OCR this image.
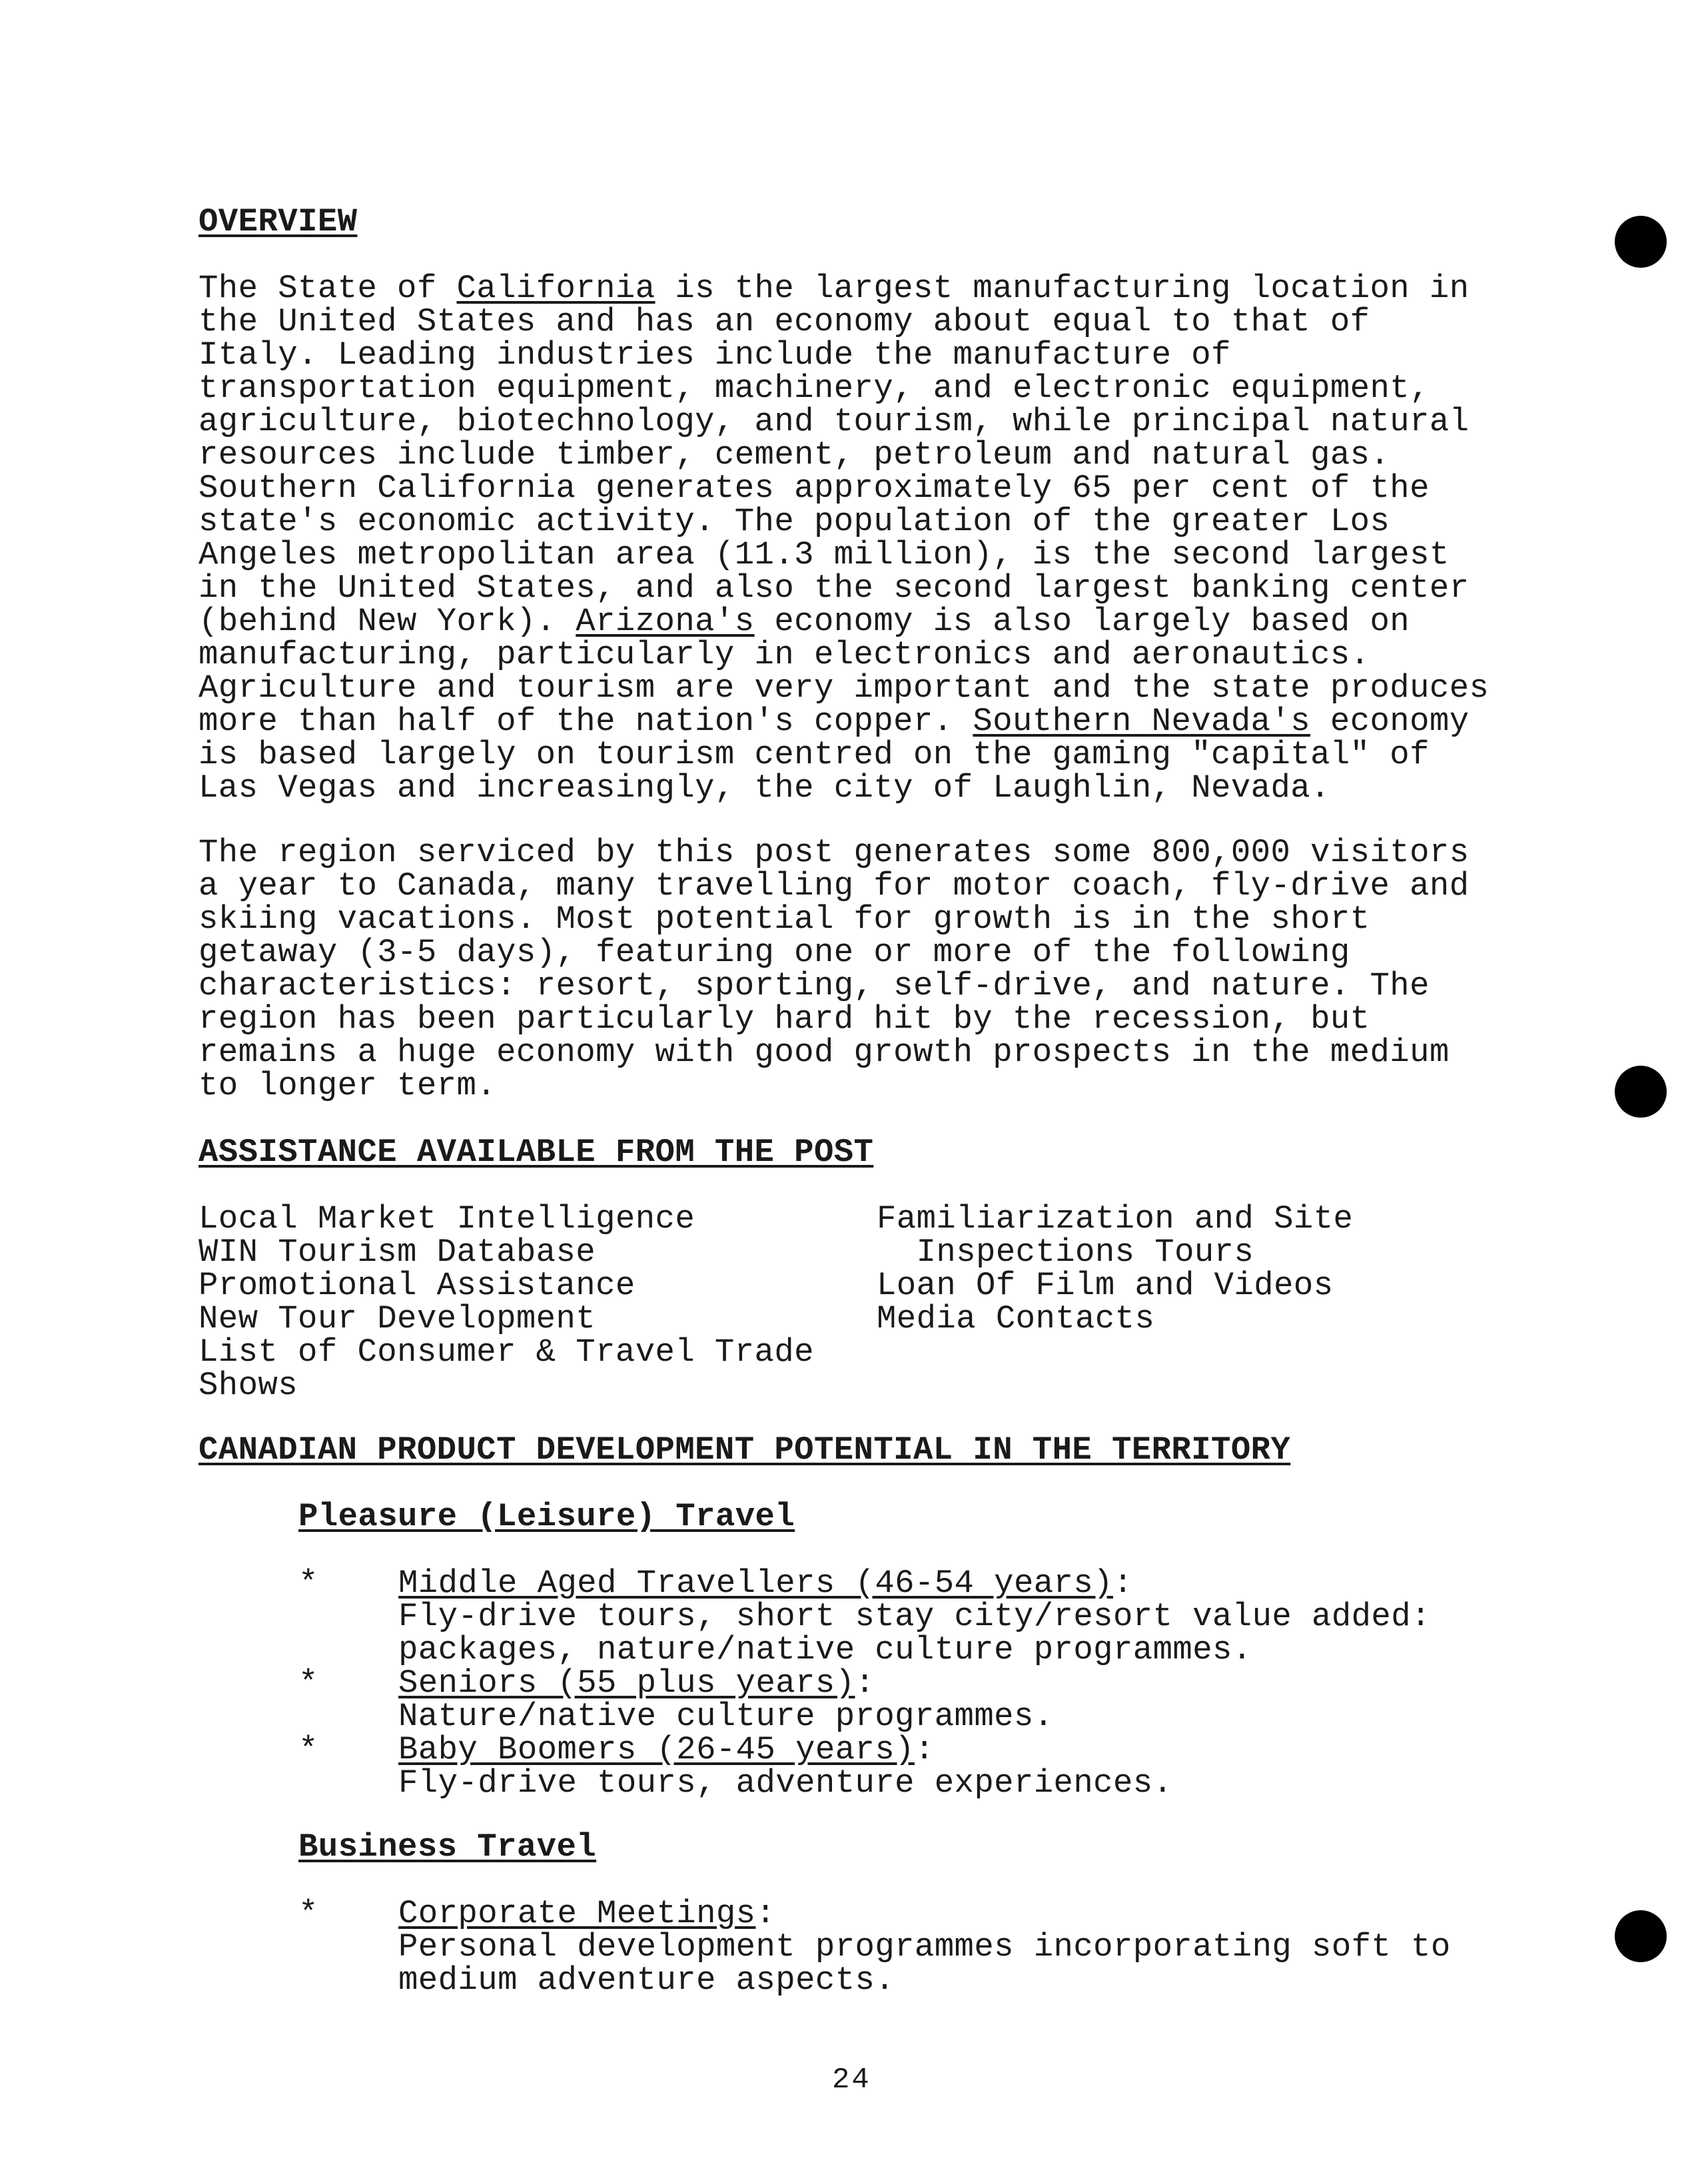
OVERVIEW
The State of California is the largest manufacturing location in
the United States and has an economy about equal to that of
Italy. Leading industries include the manufacture of
transportation equipment, machinery, and electronic equipment,
agriculture, biotechnology, and tourism, while principal natural
resources include timber, cement, petroleum and natural gas.
Southern California generates approximately 65 per cent of the
state's economic activity. The population of the greater Los
Angeles metropolitan area (11.3 million), is the second largest
in the United States, and also the second largest banking center
(behind New York). Arizona's economy is also largely based on
manufacturing, particularly in electronics and aeronautics.
Agriculture and tourism are very important and the state produces
more than half of the nation's copper. Southern Nevada's economy
is based largely on tourism centred on the gaming "capital" of
Las Vegas and increasingly, the city of Laughlin, Nevada.
The region serviced by this post generates some 800,000 visitors
a year to Canada, many travelling for motor coach, fly-drive and
skiing vacations. Most potential for growth is in the short
getaway (3-5 days), featuring one or more of the following
characteristics: resort, sporting, self-drive, and nature. The
region has been particularly hard hit by the recession, but
remains a huge economy with good growth prospects in the medium
to longer term.
ASSISTANCE AVAILABLE FROM THE POST
Local Market Intelligence
WIN Tourism Database
Promotional Assistance
New Tour Development
List of Consumer & Travel Trade
Shows
Familiarization and Site
Inspections Tours
Loan Of Film and Videos
Media Contacts
CANADIAN PRODUCT DEVELOPMENT POTENTIAL IN THE TERRITORY
Pleasure (Leisure) Travel
* Middle Aged Travellers (46-54 years):
Fly-drive tours, short stay city/resort value added:
packages, nature/native culture programmes.
* Seniors (55 plus years):
Nature/native culture programmes.
* Baby Boomers (26-45 years):
Fly-drive tours, adventure experiences.
Business Travel
* Corporate Meetings:
Personal development programmes incorporating soft to
medium adventure aspects.
24
